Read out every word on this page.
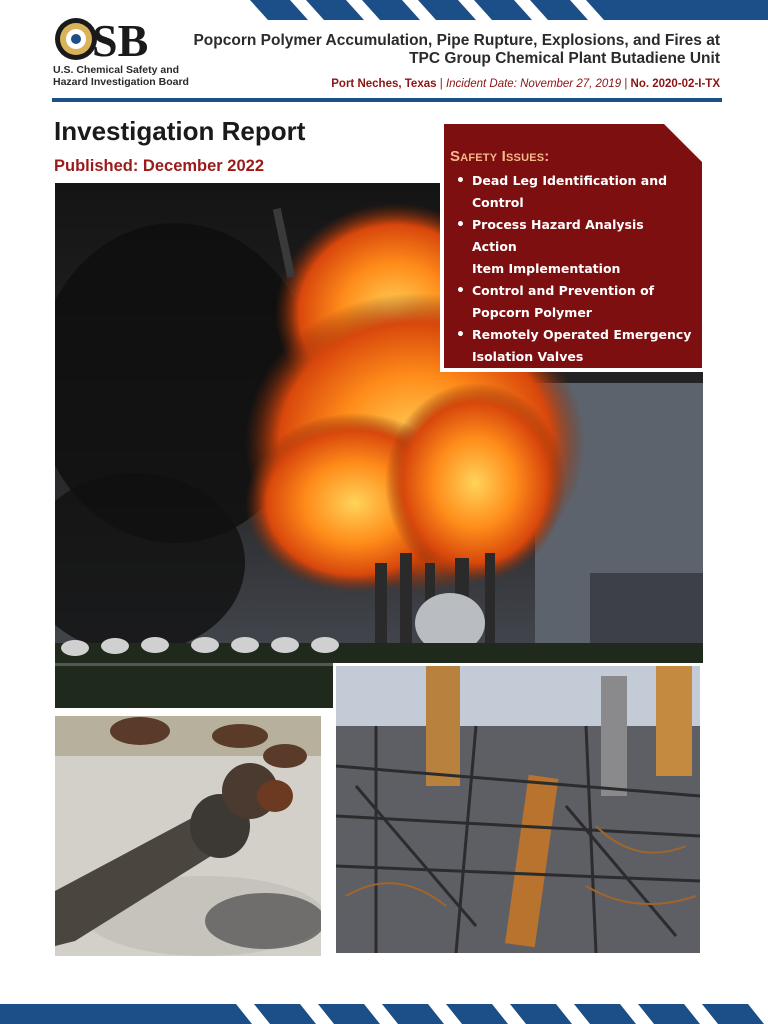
SB
U.S. Chemical Safety and
Hazard Investigation Board
Popcorn Polymer Accumulation, Pipe Rupture, Explosions, and Fires at
TPC Group Chemical Plant Butadiene Unit
Port Neches, Texas | Incident Date: November 27, 2019 | No. 2020-02-I-TX
Investigation Report
Published: December 2022
Safety Issues:
• Dead Leg Identification and
Control
• Process Hazard Analysis Action
Item Implementation
• Control and Prevention of
Popcorn Polymer
• Remotely Operated Emergency
Isolation Valves
